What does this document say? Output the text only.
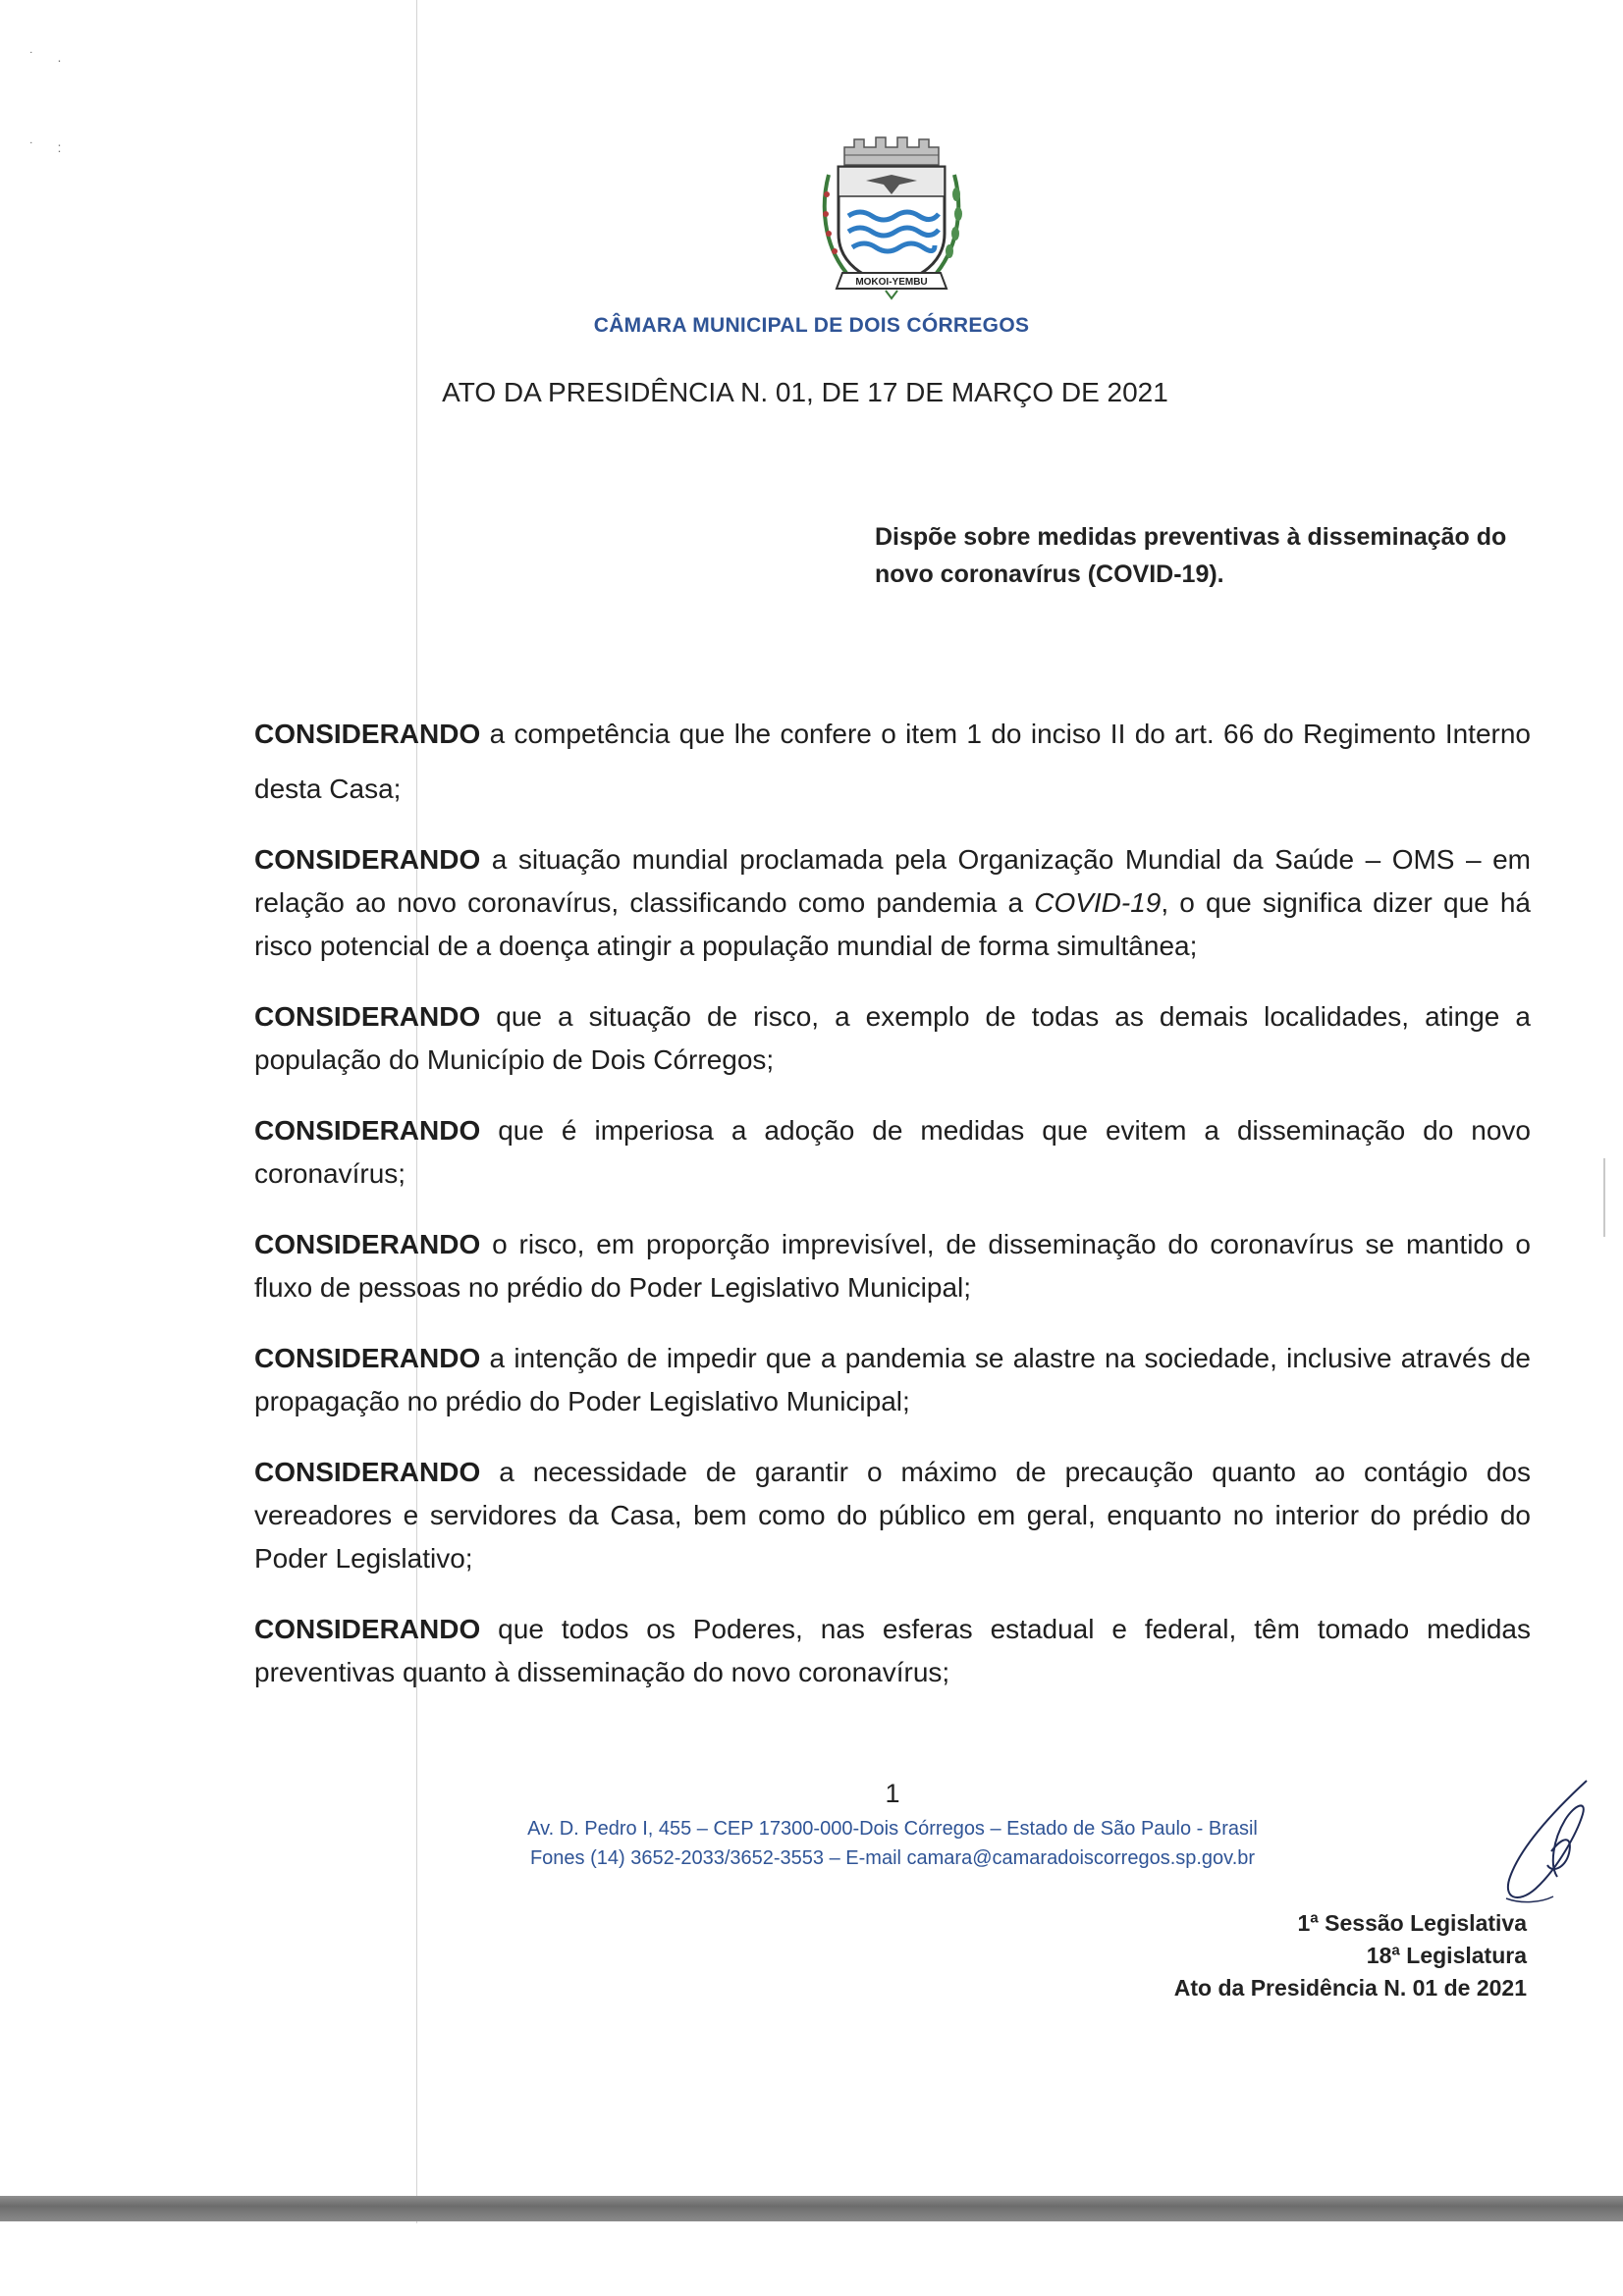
˙ .
˙ :
MOKOI-YEMBU
CÂMARA MUNICIPAL DE DOIS CÓRREGOS
ATO DA PRESIDÊNCIA N. 01, DE 17 DE MARÇO DE 2021
Dispõe sobre medidas preventivas à disseminação do
novo coronavírus (COVID-19).

CONSIDERANDO a competência que lhe confere o item 1 do inciso II do art. 66 do Regimento Interno desta Casa;

CONSIDERANDO a situação mundial proclamada pela Organização Mundial da Saúde – OMS – em relação ao novo coronavírus, classificando como pandemia a COVID-19, o que significa dizer que há risco potencial de a doença atingir a população mundial de forma simultânea;

CONSIDERANDO que a situação de risco, a exemplo de todas as demais localidades, atinge a população do Município de Dois Córregos;

CONSIDERANDO que é imperiosa a adoção de medidas que evitem a disseminação do novo coronavírus;

CONSIDERANDO o risco, em proporção imprevisível, de disseminação do coronavírus se mantido o fluxo de pessoas no prédio do Poder Legislativo Municipal;

CONSIDERANDO a intenção de impedir que a pandemia se alastre na sociedade, inclusive através de propagação no prédio do Poder Legislativo Municipal;

CONSIDERANDO a necessidade de garantir o máximo de precaução quanto ao contágio dos vereadores e servidores da Casa, bem como do público em geral, enquanto no interior do prédio do Poder Legislativo;

CONSIDERANDO que todos os Poderes, nas esferas estadual e federal, têm tomado medidas preventivas quanto à disseminação do novo coronavírus;

1
Av. D. Pedro I, 455 – CEP 17300-000-Dois Córregos – Estado de São Paulo - Brasil
Fones (14) 3652-2033/3652-3553 – E-mail camara@camaradoiscorregos.sp.gov.br
1ª Sessão Legislativa
18ª Legislatura
Ato da Presidência N. 01 de 2021
